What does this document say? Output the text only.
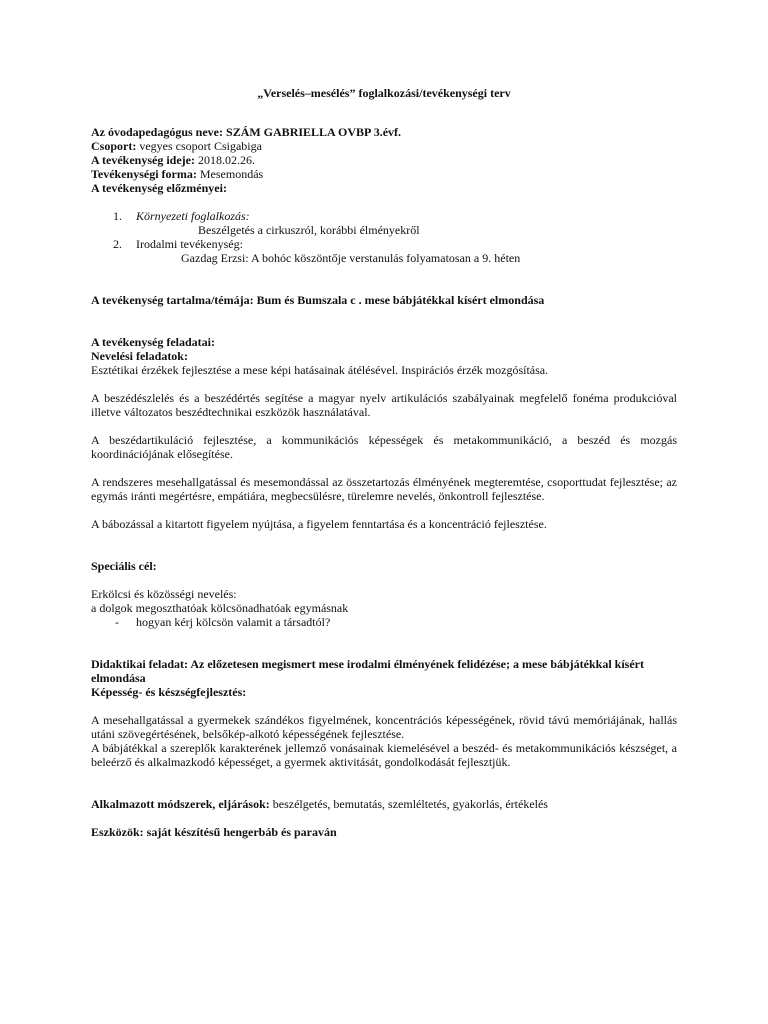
„Verselés–mesélés” foglalkozási/tevékenységi terv

Az óvodapedagógus neve: SZÁM GABRIELLA OVBP 3.évf.

Csoport: vegyes csoport Csigabiga

A tevékenység ideje: 2018.02.26.

Tevékenységi forma: Mesemondás

A tevékenység előzményei:

1. Környezeti foglalkozás:
Beszélgetés a cirkuszról, korábbi élményekről
2. Irodalmi tevékenység:
Gazdag Erzsi: A bohóc köszöntője verstanulás folyamatosan a 9. héten

A tevékenység tartalma/témája: Bum és Bumszala c . mese bábjátékkal kísért elmondása

A tevékenység feladatai:

Nevelési feladatok:

Esztétikai érzékek fejlesztése a mese képi hatásainak átélésével. Inspirációs érzék mozgósítása.

A beszédészlelés és a beszédértés segítése a magyar nyelv artikulációs szabályainak megfelelő fonéma produkcióval illetve változatos beszédtechnikai eszközök használatával.

A beszédartikuláció fejlesztése, a kommunikációs képességek és metakommunikáció, a beszéd és mozgás koordinációjának elősegítése.

A rendszeres mesehallgatással és mesemondással az összetartozás élményének megteremtése, csoporttudat fejlesztése; az egymás iránti megértésre, empátiára, megbecsülésre, türelemre nevelés, önkontroll fejlesztése.

A bábozással a kitartott figyelem nyújtása, a figyelem fenntartása és a koncentráció fejlesztése.

Speciális cél:

Erkölcsi és közösségi nevelés:

a dolgok megoszthatóak kölcsönadhatóak egymásnak

- hogyan kérj kölcsön valamit a társadtól?

Didaktikai feladat: Az előzetesen megismert mese irodalmi élményének felidézése; a mese bábjátékkal kísért elmondása

Képesség- és készségfejlesztés:

A mesehallgatással a gyermekek szándékos figyelmének, koncentrációs képességének, rövid távú memóriájának, hallás utáni szövegértésének, belsőkép-alkotó képességének fejlesztése.

A bábjátékkal a szereplők karakterének jellemző vonásainak kiemelésével a beszéd- és metakommunikációs készséget, a beleérző és alkalmazkodó képességet, a gyermek aktivitását, gondolkodását fejlesztjük.

Alkalmazott módszerek, eljárások: beszélgetés, bemutatás, szemléltetés, gyakorlás, értékelés

Eszközök: saját készítésű hengerbáb és paraván
